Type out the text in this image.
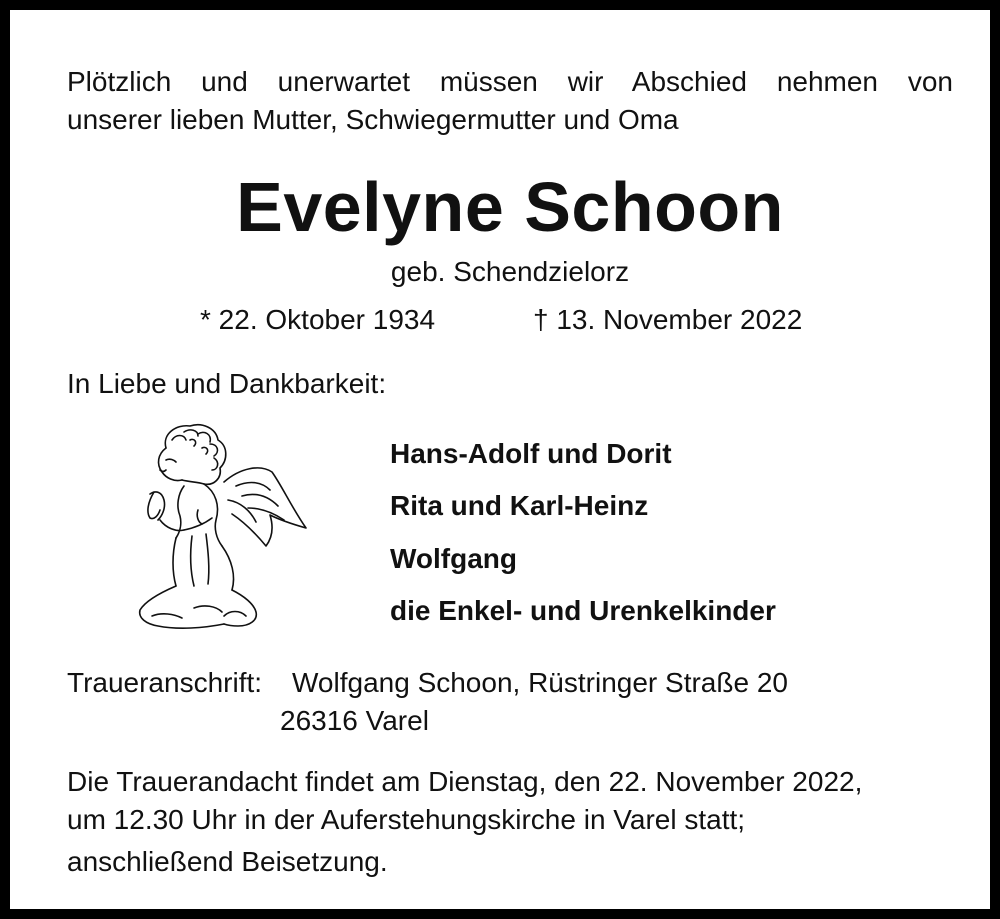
Plötzlich und unerwartet müssen wir Abschied nehmen von
unserer lieben Mutter, Schwiegermutter und Oma
Evelyne Schoon
geb. Schendzielorz
* 22. Oktober 1934	† 13. November 2022
In Liebe und Dankbarkeit:
Hans-Adolf und Dorit
Rita und Karl-Heinz
Wolfgang
die Enkel- und Urenkelkinder
Traueranschrift: Wolfgang Schoon, Rüstringer Straße 20
26316 Varel
Die Trauerandacht findet am Dienstag, den 22. November 2022,
um 12.30 Uhr in der Auferstehungskirche in Varel statt;
anschließend Beisetzung.
